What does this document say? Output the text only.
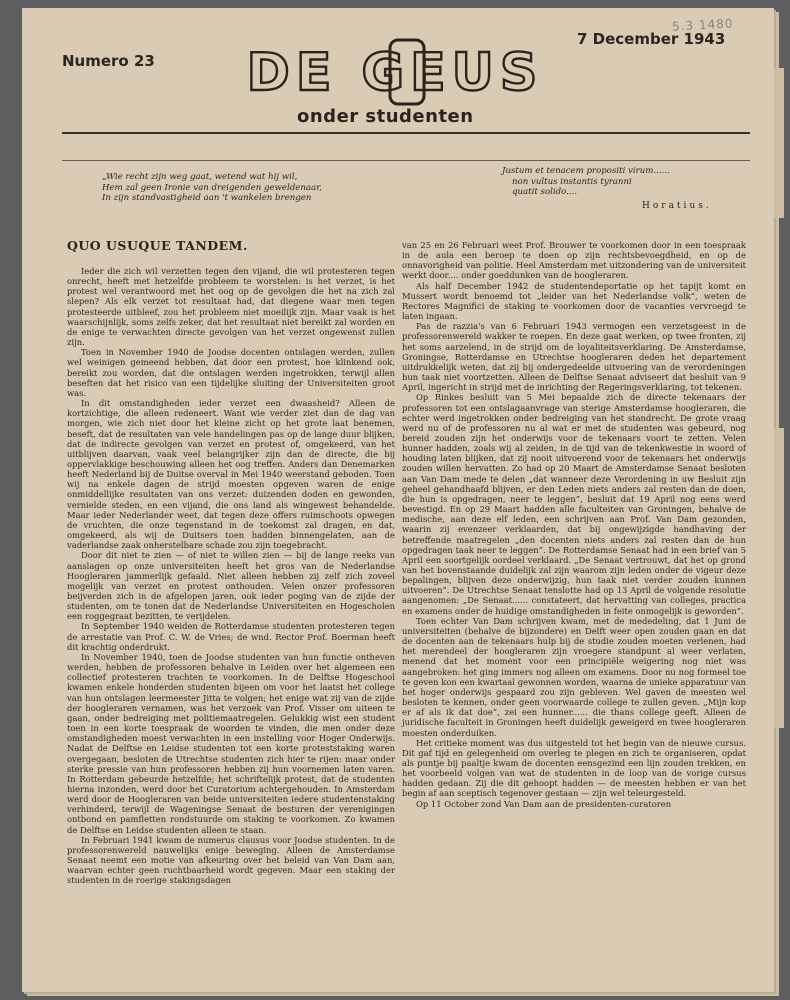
5.3 1480
Numero 23
7 December 1943
DE GEUS
onder studenten
„Wie recht zijn weg gaat, wetend wat hij wil,
Hem zal geen Ironie van dreigenden geweldenaar,
In zijn standvastigheid aan 't wankelen brengen
Justum et tenacem propositi virum......
non vultus instantis tyranni
quatit solido....
Horatius.
QUO USUQUE TANDEM.

Ieder die zich wil verzetten tegen den vijand, die wil protesteren tegen onrecht, heeft met hetzelfde probleem te worstelen: is het verzet, is het protest wel verantwoord met het oog op de gevolgen die het na zich zal slepen? Als elk verzet tot resultaat had, dat diegene waar men tegen protesteerde uitbleef, zou het probleem niet moeilijk zijn. Maar vaak is het waarschijnlijk, soms zelfs zeker, dat het resultaat niet bereikt zal worden en de enige te verwachten directe gevolgen van het verzet ongewenst zullen zijn.

Toen in November 1940 de Joodse docenten ontslagen werden, zullen wel weinigen gemeend hebben, dat door een protest, hoe klinkend ook, bereikt zou worden, dat die ontslagen werden ingetrokken, terwijl allen beseften dat het risico van een tijdelijke sluiting der Universiteiten groot was.

In dit omstandigheden ieder verzet een dwaasheid? Alleen de kortzichtige, die alleen redeneert. Want wie verder ziet dan de dag van morgen, wie zich niet door het kleine zicht op het grote laat benemen, beseft, dat de resultaten van vele handelingen pas op de lange duur blijken, dat de indirecte gevolgen van verzet en protest of, omgekeerd, van het uitblijven daarvan, vaak veel belangrijker zijn dan de directe, die bij oppervlakkige beschouwing alleen het oog treffen. Anders dan Denemarken heeft Nederland bij de Duitse overval in Mei 1940 weerstand geboden. Toen wij na enkele dagen de strijd moesten opgeven waren de enige onmiddellijke resultaten van ons verzet: duizenden doden en gewonden, vernielde steden, en een vijand, die ons land als wingewest behandelde. Maar ieder Nederlander weet, dat tegen deze offers ruimschoots opwegen de vruchten, die onze tegenstand in de toekomst zal dragen, en dat, omgekeerd, als wij de Duitsers toen hadden binnengelaten, aan de vaderlandse zaak onherstelbare schade zou zijn toegebracht.

Door dit niet te zien — of niet te willen zien — bij de lange reeks van aanslagen op onze universiteiten heeft het gros van de Nederlandse Hoogleraren jammerlijk gefaald. Niet alleen hebben zij zelf zich zoveel mogelijk van verzet en protest onthouden. Velen onzer professoren beijverden zich in de afgelopen jaren, ook ieder poging van de zijde der studenten, om te tonen dat de Nederlandse Universiteiten en Hogescholen een roggegraat bezitten, te verijdelen.

In September 1940 weiden de Rotterdamse studenten protesteren tegen de arrestatie van Prof. C. W. de Vries; de wnd. Rector Prof. Boerman heeft dit krachtig onderdrukt.

In November 1940, toen de Joodse studenten van hun functie ontheven werden, hebben de professoren behalve in Leiden over het algemeen een collectief protesteren trachten te voorkomen. In de Delftse Hogeschool kwamen enkele honderden studenten bijeen om voor het laatst het college van hun ontslagen leermeester Jitta te volgen; het enige wat zij van de zijde der hoogleraren vernamen, was het verzoek van Prof. Visser om uiteen te gaan, onder bedreiging met politiemaatregelen. Gelukkig wist een student toen in een korte toespraak de woorden te vinden, die men onder deze omstandigheden moest verwachten in een instelling voor Hoger Onderwijs. Nadat de Delftse en Leidse studenten tot een korte proteststaking waren overgegaan, besloten de Utrechtse studenten zich hier te rijen: maar onder sterke pressie van hun professoren hebben zij hun voornemen laten varen. In Rotterdam gebeurde hetzelfde; het schriftelijk protest, dat de studenten hierna inzonden, werd door het Curatorium achtergehouden. In Amsterdam werd door de Hoogleraren van beide universiteiten iedere studentenstaking verhinderd, terwijl de Wageningse Senaat de besturen der verenigingen ontbond en pamfletten rondstuurde om staking te voorkomen. Zo kwamen de Delftse en Leidse studenten alleen te staan.

In Februari 1941 kwam de numerus clausus voor Joodse studenten. In de professorenwereld nauwelijks enige beweging. Alleen de Amsterdamse Senaat neemt een motie van afkeuring over het beleid van Van Dam aan, waarvan echter geen ruchtbaarheid wordt gegeven. Maar een staking der studenten in de roerige stakingsdagen

van 25 en 26 Februari weet Prof. Brouwer te voorkomen door in een toespraak in de aula een beroep te doen op zijn rechtsbevoegdheid, en op de onnavorigheid van politie. Heel Amsterdam met uitzondering van de universiteit werkt door.... onder goeddunken van de hoogleraren.

Als half December 1942 de studentendeportatie op het tapijt komt en Mussert wordt benoemd tot „leider van het Nederlandse volk”, weten de Rectores Magnifici de staking te voorkomen door de vacanties vervroegd te laten ingaan.

Pas de razzia's van 6 Februari 1943 vermogen een verzetsgeest in de professorenwereld wakker te roepen. En deze gaat werken, op twee fronten, zij het soms aarzelend, in de strijd om de loyaliteitsverklaring. De Amsterdamse, Groningse, Rotterdamse en Utrechtse hoogleraren deden het departement uitdrukkelijk weten, dat zij bij ondergedeelde uitvoering van de verordeningen hun taak niet voortzetten. Alleen de Delftse Senaat adviseert dat besluit van 9 April, ingericht in strijd met de inrichting der Regeringsverklaring, tot tekenen.

Op Rinkes besluit van 5 Mei bepaalde zich de directe tekenaars der professoren tot een ontslagaanvrage van sterige Amsterdamse hoogleraren, die echter werd ingetrokken onder bedreiging van het standrecht. De grote vraag werd nu of de professoren nu al wat er met de studenten was gebeurd, nog bereid zouden zijn het onderwijs voor de tekenaars voort te zetten. Velen hunner hadden, zoals wij al zeiden, in de tijd van de tekenkwestie in woord of houding laten blijken, dat zij nooit uitvoerend voor de tekenaars het onderwijs zouden willen hervatten. Zo had op 20 Maart de Amsterdamse Senaat besloten aan Van Dam mede te delen „dat wanneer deze Verordening in uw Besluit zijn geheel gehandhaafd blijven, er den Leden niets anders zal resten dan de doen, die hun is opgedragen, neer te leggen”, besluit dat 19 April nog eens werd bevestigd. En op 29 Maart hadden alle faculteiten van Groningen, behalve de medische, aan deze elf leden, een schrijven aan Prof. Van Dam gezonden, waarin zij evenzeer verklaarden, dat bij ongewijzigde handhaving der betreffende maatregelen „den docenten niets anders zal resten dan de hun opgedragen taak neer te leggen”. De Rotterdamse Senaat had in een brief van 5 April een soortgelijk oordeel verklaard. „De Senaat vertrouwt, dat het op grond van het bovenstaande duidelijk zal zijn waarom zijn leden onder de vigeur deze bepalingen, blijven deze onderwijzig, hun taak niet verder zouden kunnen uitvoeren”. De Utrechtse Senaat tenslotte had op 13 April de volgende resolutie aangenomen: „De Senaat...... constateert, dat hervatting van colleges, practica en examens onder de huidige omstandigheden in feite onmogelijk is geworden”.

Toen echter Van Dam schrijven kwam, met de mededeling, dat 1 Juni de universiteiten (behalve de bijzondere) en Delft weer open zouden gaan en dat de docenten aan de tekenaars hulp bij de studie zouden moeten verlenen, had het merendeel der hoogleraren zijn vroegere standpunt al weer verlaten, menend dat het moment voor een principiële weigering nog niet was aangebroken: het ging immers nog alleen om examens. Door nu nog formeel toe te geven kon een kwartaal gewonnen worden, waarna de unieke apparatuur van het hoger onderwijs gespaard zou zijn gebleven. Wel gaven de meesten wel besloten te kennen, onder geen voorwaarde college te zullen geven. „Mijn kop er af als ik dat doe”, zei een hunner...... die thans college geeft. Alleen de juridische faculteit in Groningen heeft duidelijk geweigerd en twee hoogleraren moesten onderduiken.

Het critieke moment was dus uitgesteld tot het begin van de nieuwe cursus. Dit gaf tijd en gelegenheid om overleg te plegen en zich te organiseren, opdat als puntje bij paaltje kwam de docenten eensgezind een lijn zouden trekken, en het voorbeeld volgen van wat de studenten in de loop van de vorige cursus hadden gedaan. Zij die dit gehoopt hadden — de meesten hebben er van het begin af aan sceptisch tegenover gestaan — zijn wel teleurgesteld.

Op 11 October zond Van Dam aan de presidenten-curatoren
